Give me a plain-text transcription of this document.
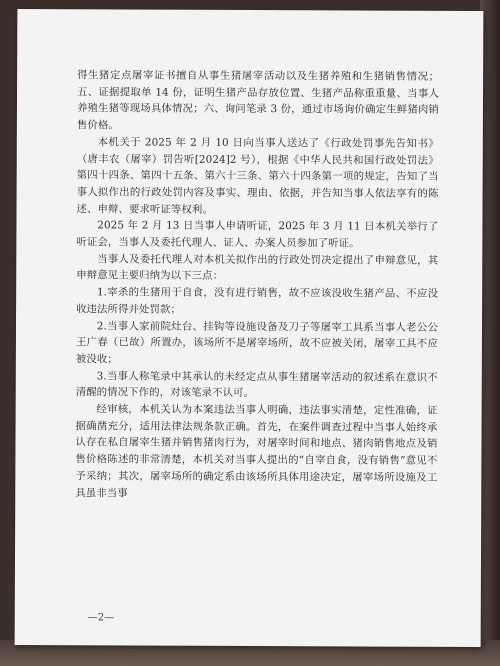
得生猪定点屠宰证书擅自从事生猪屠宰活动以及生猪养殖和生猪销售情况；五、证据提取单 14 份，证明生猪产品存放位置、生猪产品称重重量、当事人养殖生猪等现场具体情况；六、询问笔录 3 份，通过市场询价确定生鲜猪肉销售价格。

本机关于 2025 年 2 月 10 日向当事人送达了《行政处罚事先告知书》（唐丰农（屠宰）罚告听[2024]2 号），根据《中华人民共和国行政处罚法》第四十四条、第四十五条、第六十三条、第六十四条第一项的规定，告知了当事人拟作出的行政处罚内容及事实、理由、依据，并告知当事人依法享有的陈述、申辩、要求听证等权利。

2025 年 2 月 13 日当事人申请听证，2025 年 3 月 11 日本机关举行了听证会，当事人及委托代理人、证人、办案人员参加了听证。

当事人及委托代理人对本机关拟作出的行政处罚决定提出了申辩意见，其申辩意见主要归纳为以下三点：

1.宰杀的生猪用于自食，没有进行销售，故不应该没收生猪产品、不应没收违法所得并处罚款；

2.当事人家前院灶台、挂钩等设施设备及刀子等屠宰工具系当事人老公公王广春（已故）所置办，该场所不是屠宰场所，故不应被关闭，屠宰工具不应被没收；

3.当事人称笔录中其承认的未经定点从事生猪屠宰活动的叙述系在意识不清醒的情况下作的，对该笔录不认可。

经审核，本机关认为本案违法当事人明确，违法事实清楚，定性准确，证据确凿充分，适用法律法规条款正确。首先，在案件调查过程中当事人始终承认存在私自屠宰生猪并销售猪肉行为，对屠宰时间和地点、猪肉销售地点及销售价格陈述的非常清楚，本机关对当事人提出的“自宰自食，没有销售”意见不予采纳；其次，屠宰场所的确定系由该场所具体用途决定，屠宰场所设施及工具虽非当事

—2—
